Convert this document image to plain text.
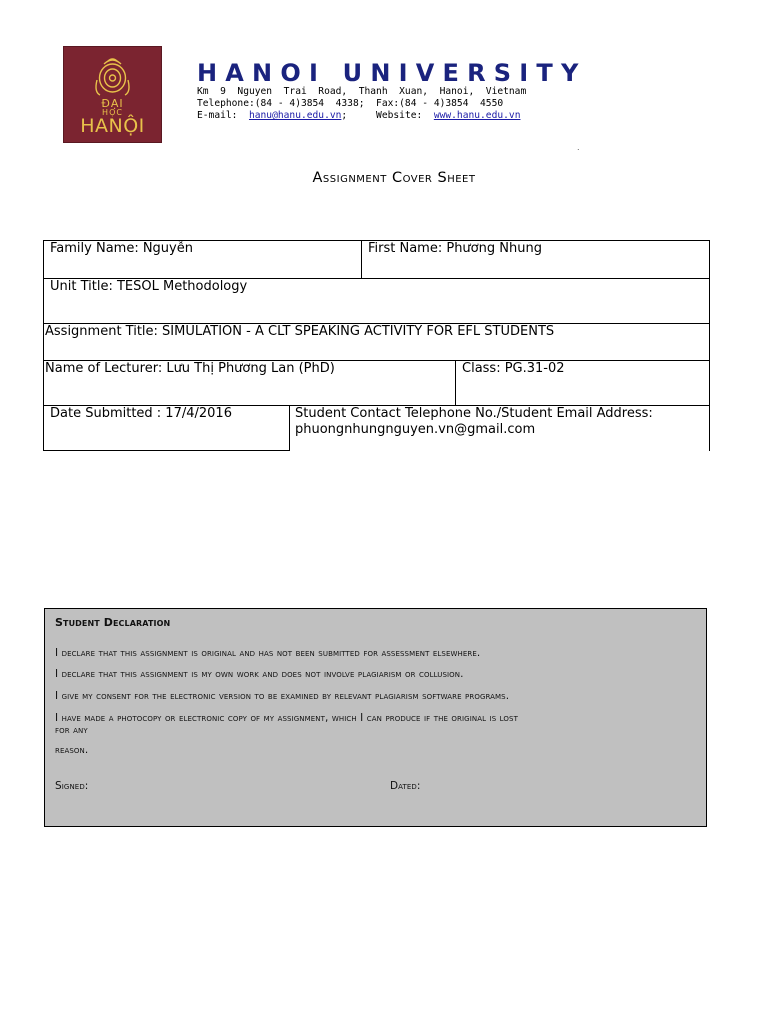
ĐẠI
HỌC
HANỘI
HANOI UNIVERSITY
Km  9  Nguyen  Trai  Road,  Thanh  Xuan,  Hanoi,  Vietnam
Telephone:(84 - 4)3854  4338;  Fax:(84 - 4)3854  4550
E-mail:  hanu@hanu.edu.vn;     Website:  www.hanu.edu.vn
.
Assignment Cover Sheet
Family Name: Nguyễn	First Name: Phương Nhung
Unit Title: TESOL Methodology
Assignment Title: SIMULATION - A CLT SPEAKING ACTIVITY FOR EFL STUDENTS
Name of Lecturer: Lưu Thị Phương Lan (PhD)	Class: PG.31-02
Date Submitted : 17/4/2016	Student Contact Telephone No./Student Email Address:
phuongnhungnguyen.vn@gmail.com
Student Declaration
I declare that this assignment is original and has not been submitted for assessment elsewhere.
I declare that this assignment is my own work and does not involve plagiarism or collusion.
I give my consent for the electronic version to be examined by relevant plagiarism software programs.
I have made a photocopy or electronic copy of my assignment, which I can produce if the original is lost
for any
reason.
Signed:	Dated:
